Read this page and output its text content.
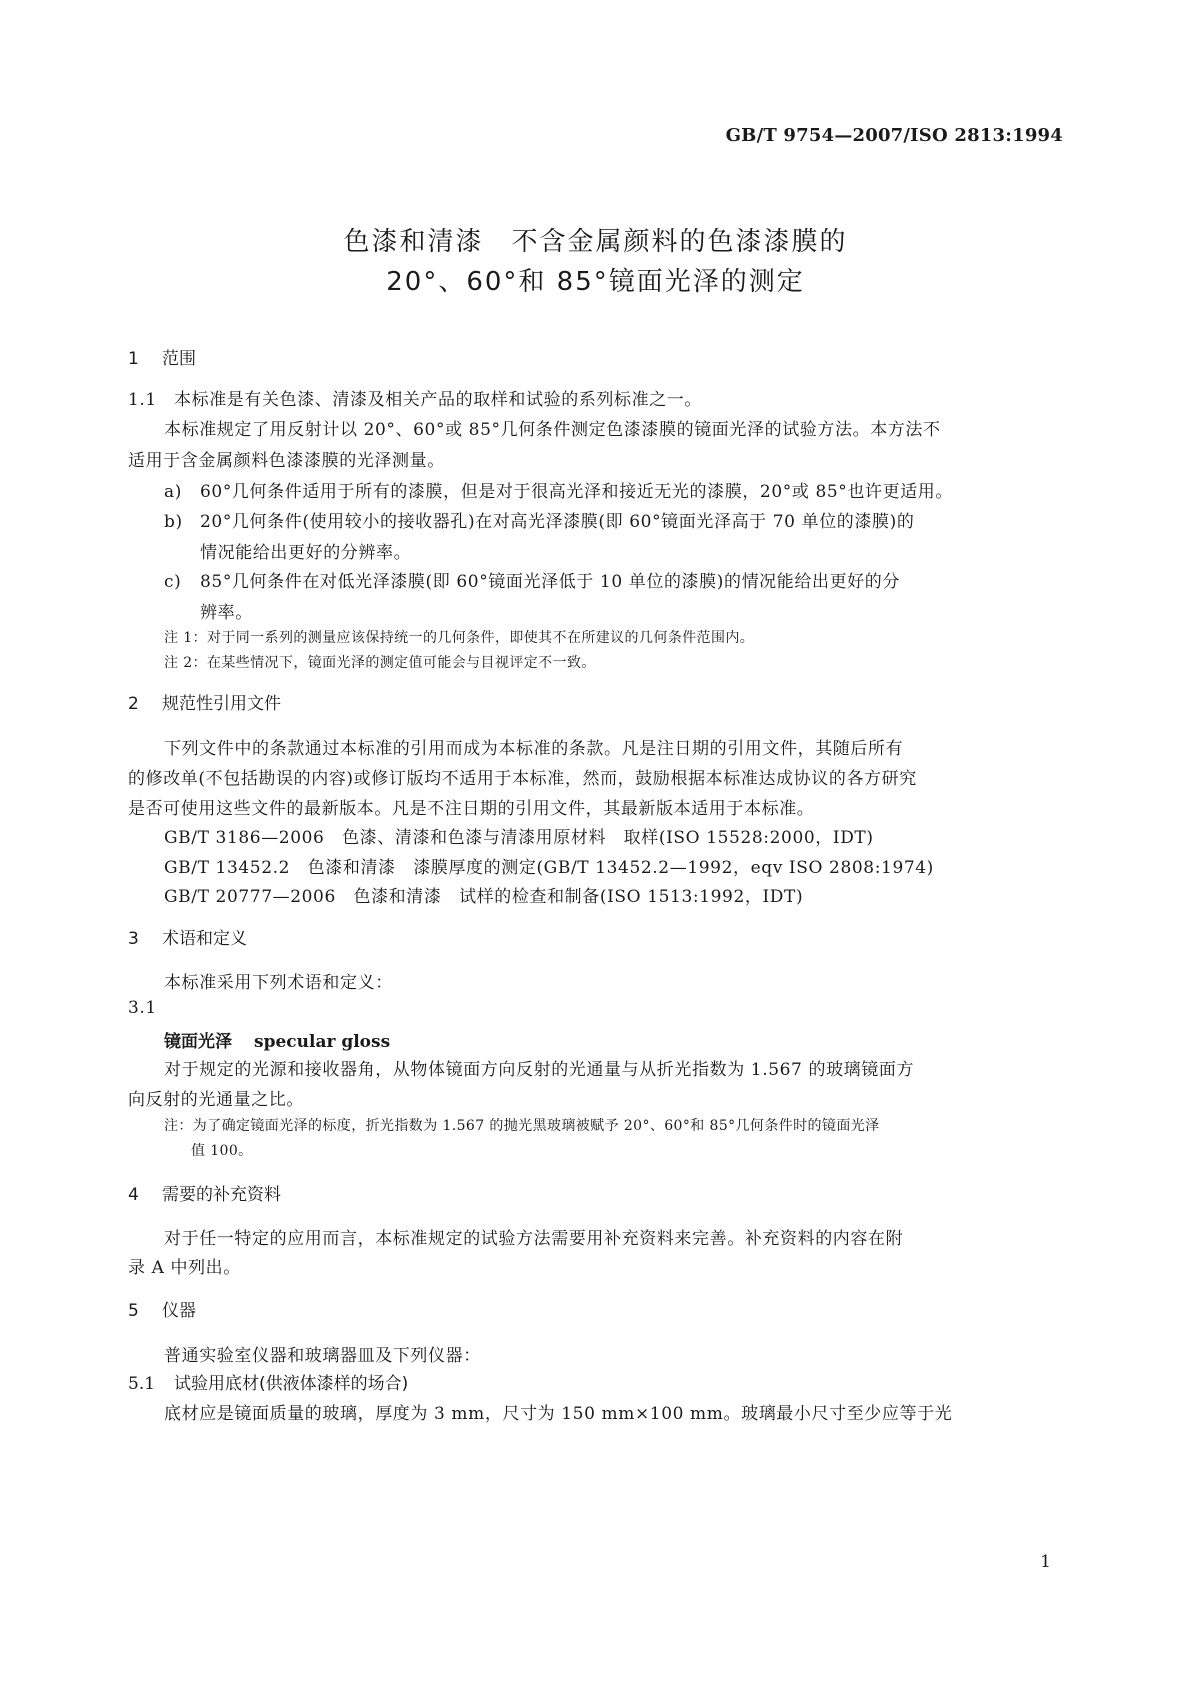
GB/T 9754—2007/ISO 2813:1994
色漆和清漆　不含金属颜料的色漆漆膜的
20°、60°和 85°镜面光泽的测定
1 范围
1.1 本标准是有关色漆、清漆及相关产品的取样和试验的系列标准之一。
本标准规定了用反射计以 20°、60°或 85°几何条件测定色漆漆膜的镜面光泽的试验方法。本方法不
适用于含金属颜料色漆漆膜的光泽测量。
a) 60°几何条件适用于所有的漆膜，但是对于很高光泽和接近无光的漆膜，20°或 85°也许更适用。
b) 20°几何条件(使用较小的接收器孔)在对高光泽漆膜(即 60°镜面光泽高于 70 单位的漆膜)的
情况能给出更好的分辨率。
c) 85°几何条件在对低光泽漆膜(即 60°镜面光泽低于 10 单位的漆膜)的情况能给出更好的分
辨率。
注 1：对于同一系列的测量应该保持统一的几何条件，即使其不在所建议的几何条件范围内。
注 2：在某些情况下，镜面光泽的测定值可能会与目视评定不一致。
2 规范性引用文件
下列文件中的条款通过本标准的引用而成为本标准的条款。凡是注日期的引用文件，其随后所有
的修改单(不包括勘误的内容)或修订版均不适用于本标准，然而，鼓励根据本标准达成协议的各方研究
是否可使用这些文件的最新版本。凡是不注日期的引用文件，其最新版本适用于本标准。
GB/T 3186—2006　色漆、清漆和色漆与清漆用原材料　取样(ISO 15528:2000，IDT)
GB/T 13452.2　色漆和清漆　漆膜厚度的测定(GB/T 13452.2—1992，eqv ISO 2808:1974)
GB/T 20777—2006　色漆和清漆　试样的检查和制备(ISO 1513:1992，IDT)
3 术语和定义
本标准采用下列术语和定义：
3.1
镜面光泽 specular gloss
对于规定的光源和接收器角，从物体镜面方向反射的光通量与从折光指数为 1.567 的玻璃镜面方
向反射的光通量之比。
注：为了确定镜面光泽的标度，折光指数为 1.567 的抛光黑玻璃被赋予 20°、60°和 85°几何条件时的镜面光泽
值 100。
4 需要的补充资料
对于任一特定的应用而言，本标准规定的试验方法需要用补充资料来完善。补充资料的内容在附
录 A 中列出。
5 仪器
普通实验室仪器和玻璃器皿及下列仪器：
5.1 试验用底材(供液体漆样的场合)
底材应是镜面质量的玻璃，厚度为 3 mm，尺寸为 150 mm×100 mm。玻璃最小尺寸至少应等于光
1
